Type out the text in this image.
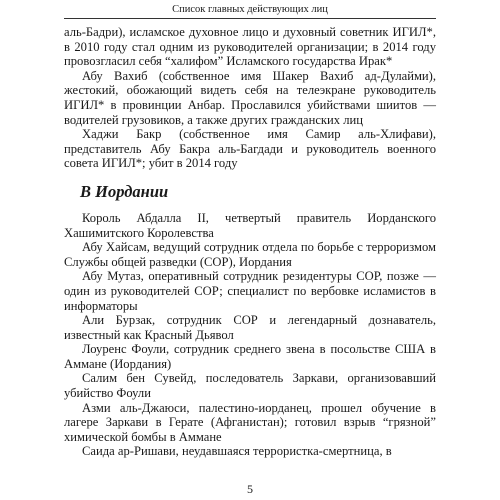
Список главных действующих лиц

аль-Бадри), исламское духовное лицо и духовный советник ИГИЛ*, в 2010 году стал одним из руководителей организации; в 2014 году провозгласил себя “халифом” Исламского государства Ирак*

Абу Вахиб (собственное имя Шакер Вахиб ад-Дулайми), жестокий, обожающий видеть себя на телеэкране руководитель ИГИЛ* в провинции Анбар. Прославился убийствами шиитов — водителей грузовиков, а также других гражданских лиц

Хаджи Бакр (собственное имя Самир аль-Хлифави), представитель Абу Бакра аль-Багдади и руководитель военного совета ИГИЛ*; убит в 2014 году

В Иордании

Король Абдалла II, четвертый правитель Иорданского Хашимитского Королевства

Абу Хайсам, ведущий сотрудник отдела по борьбе с терроризмом Службы общей разведки (СОР), Иордания

Абу Мутаз, оперативный сотрудник резидентуры СОР, позже — один из руководителей СОР; специалист по вербовке исламистов в информаторы

Али Бурзак, сотрудник СОР и легендарный дознаватель, известный как Красный Дьявол

Лоуренс Фоули, сотрудник среднего звена в посольстве США в Аммане (Иордания)

Салим бен Сувейд, последователь Заркави, организовавший убийство Фоули

Азми аль-Джаюси, палестино-иорданец, прошел обучение в лагере Заркави в Герате (Афганистан); готовил взрыв “грязной” химической бомбы в Аммане

Саида ар-Ришави, неудавшаяся террористка-смертница, в

5
